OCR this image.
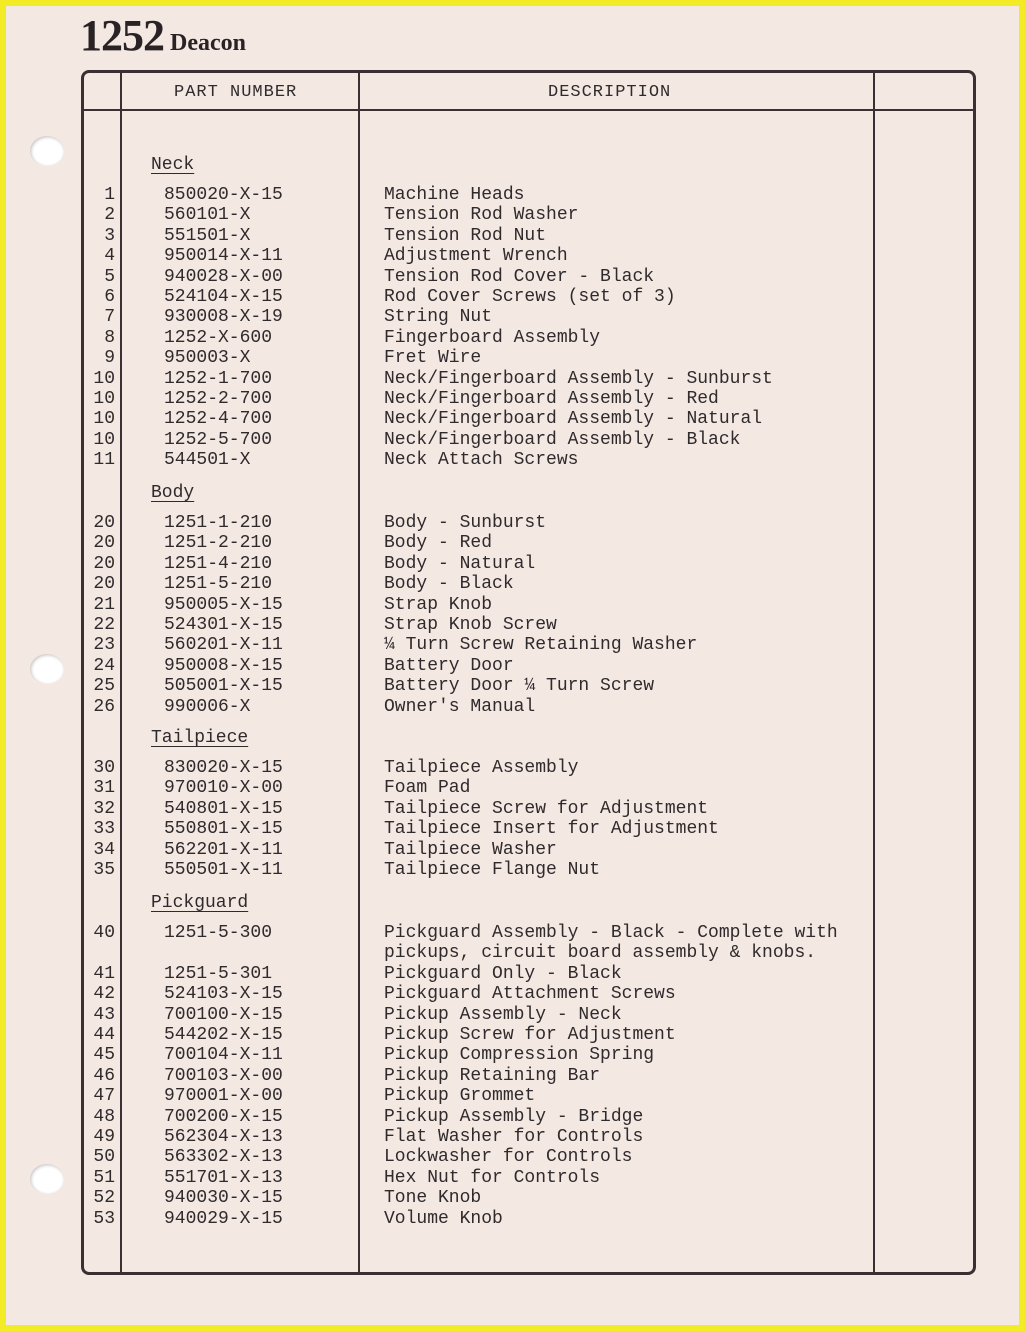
1252 Deacon
PART NUMBER	DESCRIPTION
Neck
1	850020-X-15	Machine Heads
2	560101-X	Tension Rod Washer
3	551501-X	Tension Rod Nut
4	950014-X-11	Adjustment Wrench
5	940028-X-00	Tension Rod Cover - Black
6	524104-X-15	Rod Cover Screws (set of 3)
7	930008-X-19	String Nut
8	1252-X-600	Fingerboard Assembly
9	950003-X	Fret Wire
10	1252-1-700	Neck/Fingerboard Assembly - Sunburst
10	1252-2-700	Neck/Fingerboard Assembly - Red
10	1252-4-700	Neck/Fingerboard Assembly - Natural
10	1252-5-700	Neck/Fingerboard Assembly - Black
11	544501-X	Neck Attach Screws
Body
20	1251-1-210	Body - Sunburst
20	1251-2-210	Body - Red
20	1251-4-210	Body - Natural
20	1251-5-210	Body - Black
21	950005-X-15	Strap Knob
22	524301-X-15	Strap Knob Screw
23	560201-X-11	¼ Turn Screw Retaining Washer
24	950008-X-15	Battery Door
25	505001-X-15	Battery Door ¼ Turn Screw
26	990006-X	Owner's Manual
Tailpiece
30	830020-X-15	Tailpiece Assembly
31	970010-X-00	Foam Pad
32	540801-X-15	Tailpiece Screw for Adjustment
33	550801-X-15	Tailpiece Insert for Adjustment
34	562201-X-11	Tailpiece Washer
35	550501-X-11	Tailpiece Flange Nut
Pickguard
40	1251-5-300	Pickguard Assembly - Black - Complete with
pickups, circuit board assembly & knobs.
41	1251-5-301	Pickguard Only - Black
42	524103-X-15	Pickguard Attachment Screws
43	700100-X-15	Pickup Assembly - Neck
44	544202-X-15	Pickup Screw for Adjustment
45	700104-X-11	Pickup Compression Spring
46	700103-X-00	Pickup Retaining Bar
47	970001-X-00	Pickup Grommet
48	700200-X-15	Pickup Assembly - Bridge
49	562304-X-13	Flat Washer for Controls
50	563302-X-13	Lockwasher for Controls
51	551701-X-13	Hex Nut for Controls
52	940030-X-15	Tone Knob
53	940029-X-15	Volume Knob
